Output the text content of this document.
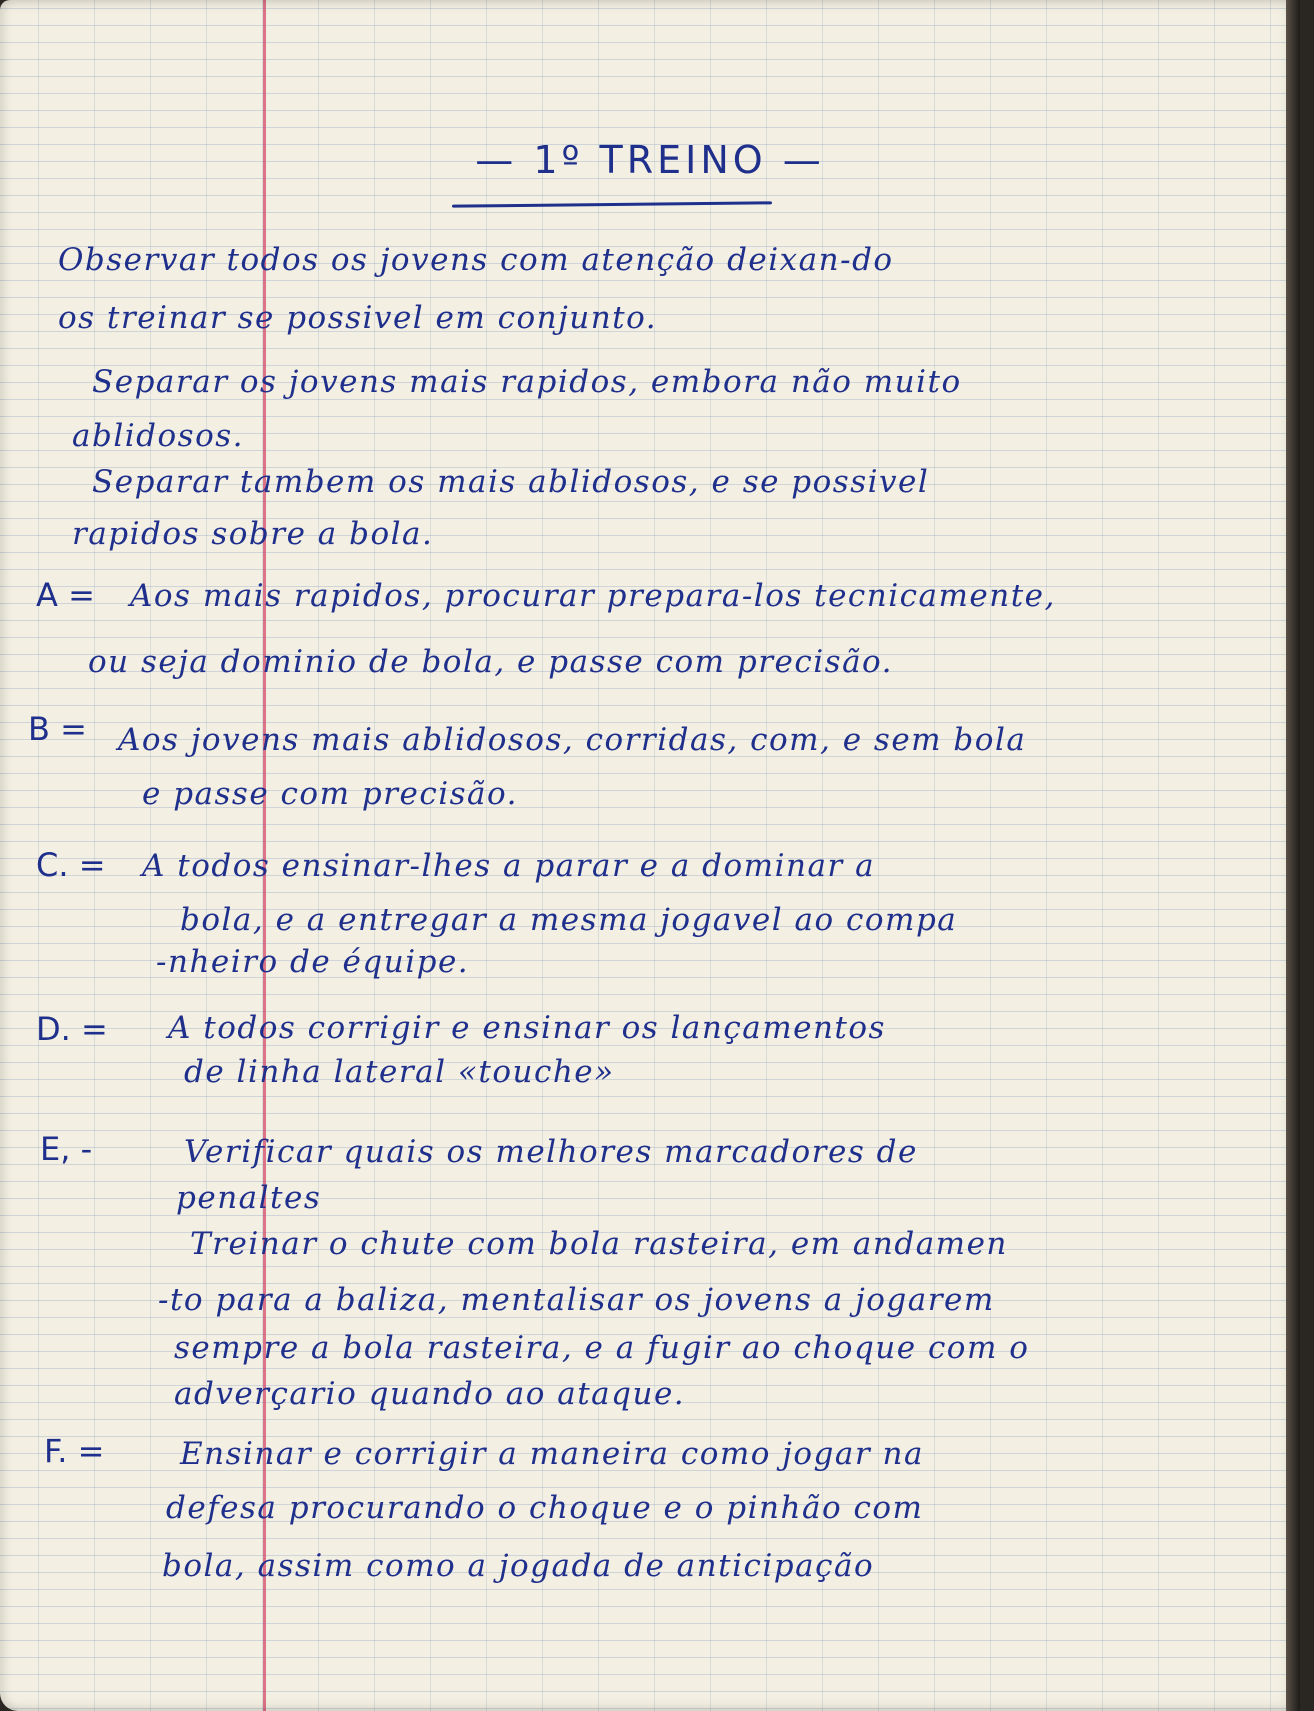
— 1º TREINO —
Observar todos os jovens com atenção deixan-do
os treinar se possivel em conjunto.
Separar os jovens mais rapidos, embora não muito
ablidosos.
Separar tambem os mais ablidosos, e se possivel
rapidos sobre a bola.
A = Aos mais rapidos, procurar prepara-los tecnicamente,
ou seja dominio de bola, e passe com precisão.
B = Aos jovens mais ablidosos, corridas, com, e sem bola
e passe com precisão.
C. = A todos ensinar-lhes a parar e a dominar a
bola, e a entregar a mesma jogavel ao compa
-nheiro de équipe.
D. = A todos corrigir e ensinar os lançamentos
de linha lateral «touche»
E, -	Verificar quais os melhores marcadores de
penaltes
Treinar o chute com bola rasteira, em andamen
-to para a baliza, mentalisar os jovens a jogarem
sempre a bola rasteira, e a fugir ao choque com o
adverçario quando ao ataque.
F. = Ensinar e corrigir a maneira como jogar na
defesa procurando o choque e o pinhão com
bola, assim como a jogada de anticipação
